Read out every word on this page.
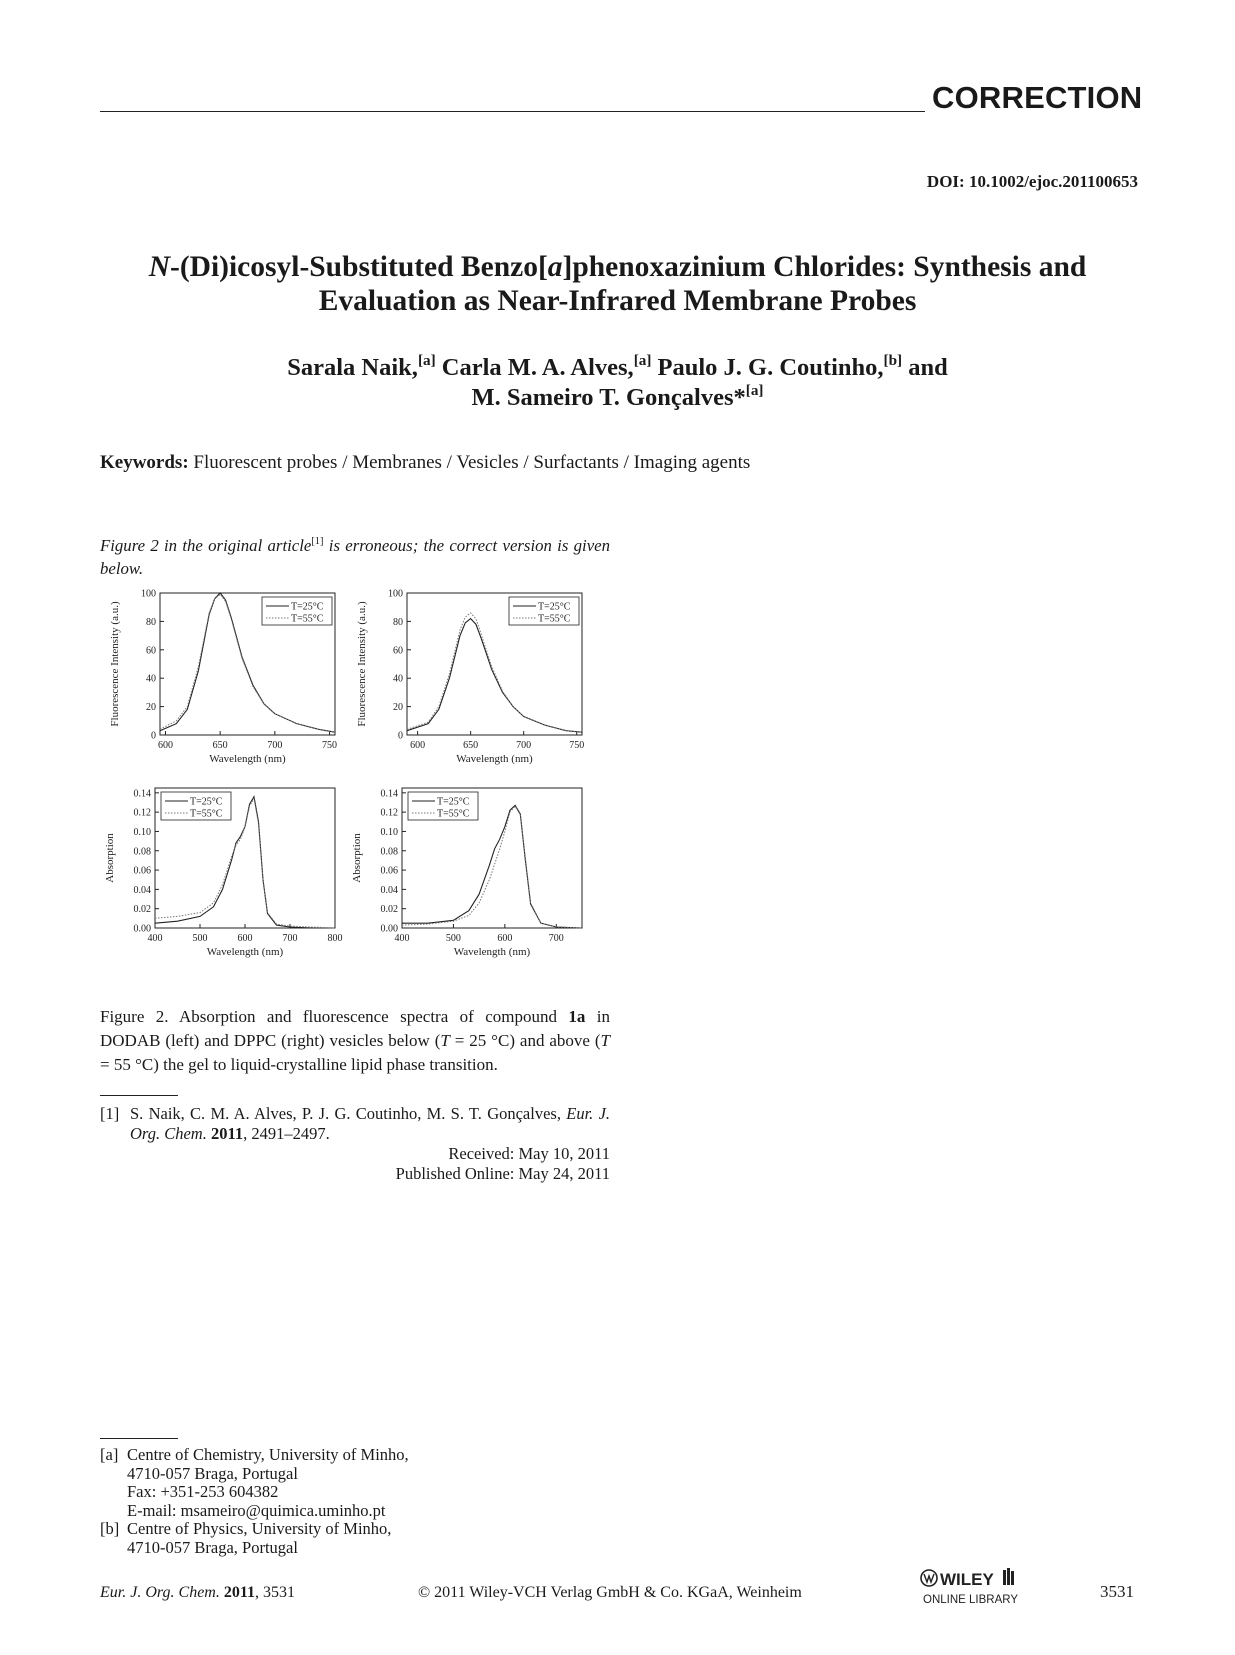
CORRECTION
DOI: 10.1002/ejoc.201100653
N-(Di)icosyl-Substituted Benzo[a]phenoxazinium Chlorides: Synthesis and
Evaluation as Near-Infrared Membrane Probes
Sarala Naik,[a] Carla M. A. Alves,[a] Paulo J. G. Coutinho,[b] and
M. Sameiro T. Gonçalves*[a]
Keywords: Fluorescent probes / Membranes / Vesicles / Surfactants / Imaging agents
Figure 2 in the original article[1] is erroneous; the correct version is given below.
600	650	700	750
0
20
40
60
80
100
Wavelength (nm)
Fluorescence Intensity (a.u.)	T=25°C
T=55°C
600	650	700	750
0
20
40
60
80
100
Wavelength (nm)
Fluorescence Intensity (a.u.)	T=25°C
T=55°C
400	500	600	700	800
0.00
0.02
0.04
0.06
0.08
0.10
0.12
0.14
Wavelength (nm)
Absorption
T=25°C
T=55°C
400	500	600	700
0.00
0.02
0.04
0.06
0.08
0.10
0.12
0.14
Wavelength (nm)
Absorption
T=25°C
T=55°C
Figure 2. Absorption and fluorescence spectra of compound 1a in DODAB (left) and DPPC (right) vesicles below (T = 25 °C) and above (T = 55 °C) the gel to liquid-crystalline lipid phase transition.
[1] S. Naik, C. M. A. Alves, P. J. G. Coutinho, M. S. T. Gonçalves, Eur. J. Org. Chem. 2011, 2491–2497.
Received: May 10, 2011
Published Online: May 24, 2011
[a] Centre of Chemistry, University of Minho,
4710-057 Braga, Portugal
Fax: +351-253 604382
E-mail: msameiro@quimica.uminho.pt
[b] Centre of Physics, University of Minho,
4710-057 Braga, Portugal
Eur. J. Org. Chem. 2011, 3531	© 2011 Wiley-VCH Verlag GmbH & Co. KGaA, Weinheim
WILEY
ONLINE LIBRARY	3531
